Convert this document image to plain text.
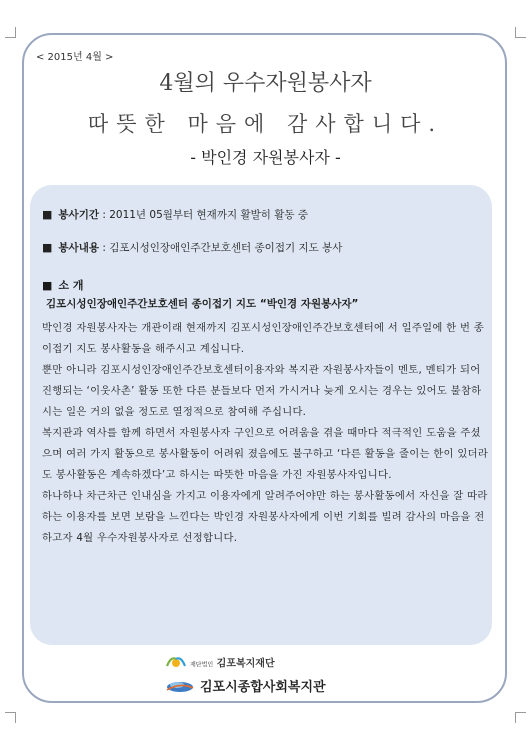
< 2015년 4월 >
4월의 우수자원봉사자
따뜻한 마음에 감사합니다.
- 박인경 자원봉사자 -
■ 봉사기간 : 2011년 05월부터 현재까지 활발히 활동 중
■ 봉사내용 : 김포시성인장애인주간보호센터 종이접기 지도 봉사
■ 소 개
김포시성인장애인주간보호센터 종이접기 지도 “박인경 자원봉사자”

박인경 자원봉사자는 개관이래 현재까지 김포시성인장애인주간보호센터에 서 일주일에 한 번 종이접기 지도 봉사활동을 해주시고 계십니다.

뿐만 아니라 김포시성인장애인주간보호센터이용자와 복지관 자원봉사자들이 멘토, 멘티가 되어 진행되는 ‘이웃사촌’ 활동 또한 다른 분들보다 먼저 가시거나 늦게 오시는 경우는 있어도 불참하시는 일은 거의 없을 정도로 열정적으로 참여해 주십니다.

복지관과 역사를 함께 하면서 자원봉사자 구인으로 어려움을 겪을 때마다 적극적인 도움을 주셨으며 여러 가지 활동으로 봉사활동이 어려워 졌음에도 불구하고 ‘다른 활동을 줄이는 한이 있더라도 봉사활동은 계속하겠다’고 하시는 따뜻한 마음을 가진 자원봉사자입니다.

하나하나 차근차근 인내심을 가지고 이용자에게 알려주어야만 하는 봉사활동에서 자신을 잘 따라하는 이용자를 보면 보람을 느낀다는 박인경 자원봉사자에게 이번 기회를 빌려 감사의 마음을 전하고자 4월 우수자원봉사자로 선정합니다.

재단법인 김포복지재단
김포시종합사회복지관
